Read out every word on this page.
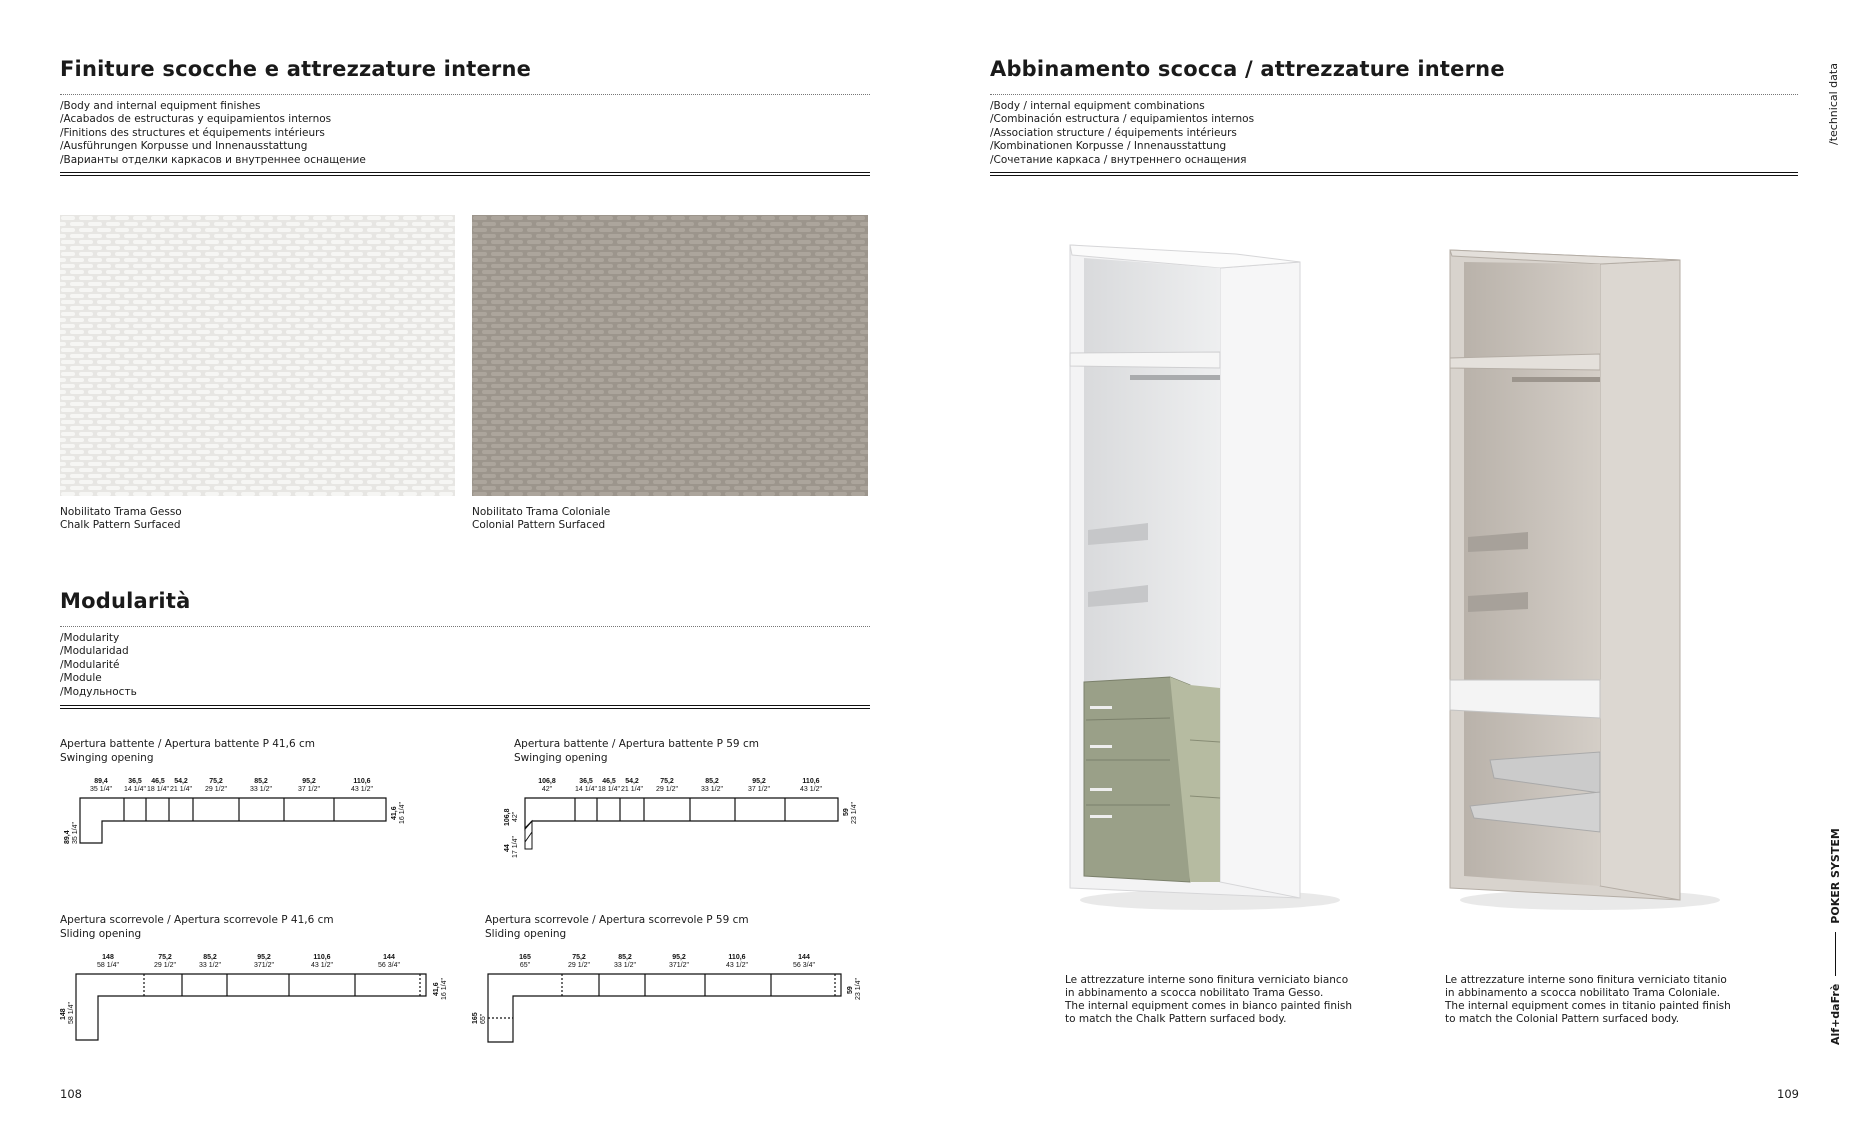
Finiture scocche e attrezzature interne
/Body and internal equipment finishes
/Acabados de estructuras y equipamientos internos
/Finitions des structures et équipements intérieurs
/Ausführungen Korpusse und Innenausstattung
/Варианты отделки каркасов и внутреннее оснащение
Nobilitato Trama Gesso
Chalk Pattern Surfaced
Nobilitato Trama Coloniale
Colonial Pattern Surfaced
Modularità
/Modularity
/Modularidad
/Modularité
/Module
/Модульность
Apertura battente / Apertura battente P 41,6 cm
Swinging opening
89,4
35 1/4"
36,5
14 1/4"
46,5
18 1/4"
54,2
21 1/4"
75,2
29 1/2"
85,2
33 1/2"
95,2
37 1/2"
110,6
43 1/2"
89,4 35 1/4"
41,6 16 1/4"
Apertura battente / Apertura battente P 59 cm
Swinging opening
106,8
42"
36,5
14 1/4"
46,5
18 1/4"
54,2
21 1/4"
75,2
29 1/2"
85,2
33 1/2"
95,2
37 1/2"
110,6
43 1/2"
106,8 42"
44 17 1/4"
59 23 1/4"
Apertura scorrevole / Apertura scorrevole P 41,6 cm
Sliding opening
148
58 1/4"
75,2
29 1/2"
85,2
33 1/2"
95,2
371/2"
110,6
43 1/2"
144
56 3/4"
148 58 1/4"
41,6 16 1/4"
Apertura scorrevole / Apertura scorrevole P 59 cm
Sliding opening
165
65"
75,2
29 1/2"
85,2
33 1/2"
95,2
371/2"
110,6
43 1/2"
144
56 3/4"
165 65"
59 23 1/4"
108
Abbinamento scocca / attrezzature interne
/Body / internal equipment combinations
/Combinación estructura / equipamientos internos
/Association structure / équipements intérieurs
/Kombinationen Korpusse / Innenausstattung
/Сочетание каркаса / внутреннего оснащения
Le attrezzature interne sono finitura verniciato bianco
in abbinamento a scocca nobilitato Trama Gesso.
The internal equipment comes in bianco painted finish
to match the Chalk Pattern surfaced body.
Le attrezzature interne sono finitura verniciato titanio
in abbinamento a scocca nobilitato Trama Coloniale.
The internal equipment comes in titanio painted finish
to match the Colonial Pattern surfaced body.
/technical data
Alf+daFrè
POKER SYSTEM
109
